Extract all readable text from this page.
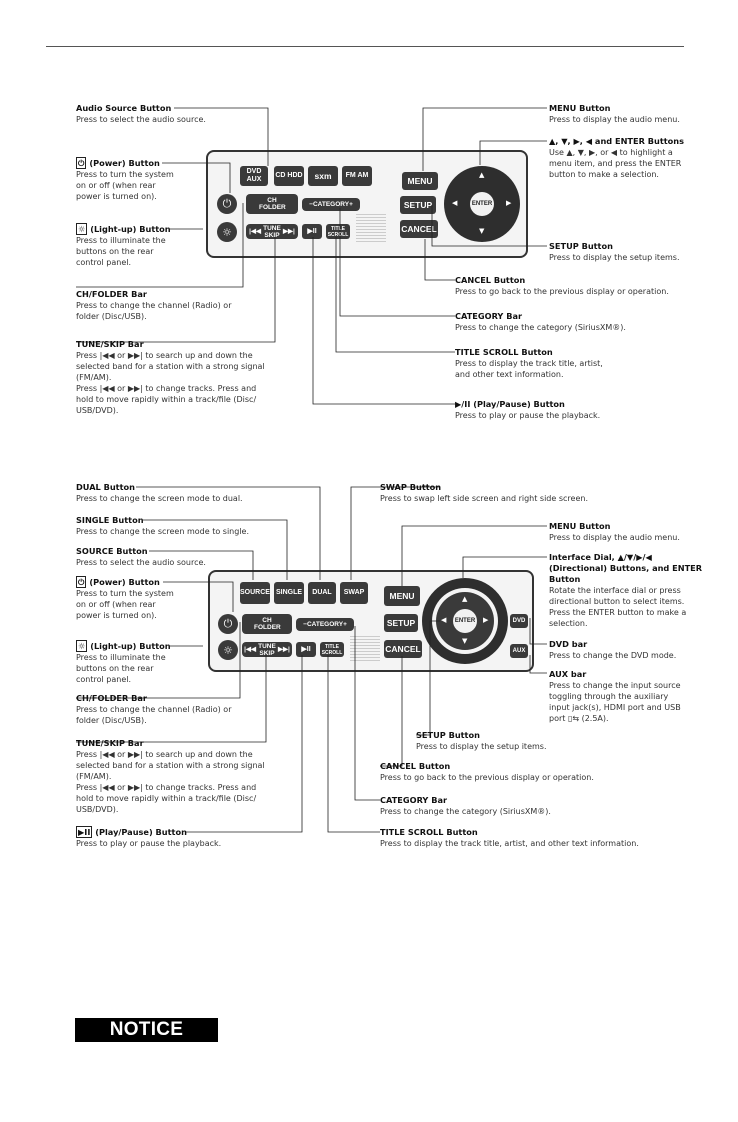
DVD AUX
CD HDD	sxm	FM AM
⏻
☼
CH FOLDER	− CATEGORY +
|◀◀ TUNE SKIP ▶▶|	▶II	TITLE SCROLL
MENU
SETUP
CANCEL
ENTER
▲
▼
◀	▶
SOURCE SINGLE	DUAL	SWAP
⏻
☼
CH FOLDER	− CATEGORY +
|◀◀ TUNE SKIP ▶▶|	▶II	TITLE SCROLL
MENU
SETUP
CANCEL
ENTER
▲
▼
◀	▶	DVD
AUX
Audio Source Button
Press to select the audio source.
⏻ (Power) Button
Press to turn the system
on or off (when rear
power is turned on).
☼ (Light-up) Button
Press to illuminate the
buttons on the rear
control panel.
CH/FOLDER Bar
Press to change the channel (Radio) or
folder (Disc/USB).
TUNE/SKIP Bar
Press |◀◀ or ▶▶| to search up and down the
selected band for a station with a strong signal
(FM/AM).
Press |◀◀ or ▶▶| to change tracks. Press and
hold to move rapidly within a track/file (Disc/
USB/DVD).
MENU Button
Press to display the audio menu.
▲, ▼, ▶, ◀ and ENTER Buttons
Use ▲, ▼, ▶, or ◀ to highlight a
menu item, and press the ENTER
button to make a selection.
SETUP Button
Press to display the setup items.
CANCEL Button
Press to go back to the previous display or operation.
CATEGORY Bar
Press to change the category (SiriusXM®).
TITLE SCROLL Button
Press to display the track title, artist,
and other text information.
▶/II (Play/Pause) Button
Press to play or pause the playback.
DUAL Button
Press to change the screen mode to dual.
SINGLE Button
Press to change the screen mode to single.
SOURCE Button
Press to select the audio source.
⏻ (Power) Button
Press to turn the system
on or off (when rear
power is turned on).
☼ (Light-up) Button
Press to illuminate the
buttons on the rear
control panel.
CH/FOLDER Bar
Press to change the channel (Radio) or
folder (Disc/USB).
TUNE/SKIP Bar
Press |◀◀ or ▶▶| to search up and down the
selected band for a station with a strong signal
(FM/AM).
Press |◀◀ or ▶▶| to change tracks. Press and
hold to move rapidly within a track/file (Disc/
USB/DVD).
▶II (Play/Pause) Button
Press to play or pause the playback.
SWAP Button
Press to swap left side screen and right side screen.
MENU Button
Press to display the audio menu.
Interface Dial, ▲/▼/▶/◀
(Directional) Buttons, and ENTER
Button
Rotate the interface dial or press
directional button to select items.
Press the ENTER button to make a
selection.
DVD bar
Press to change the DVD mode.
AUX bar
Press to change the input source
toggling through the auxiliary
input jack(s), HDMI port and USB
port ▯⇆ (2.5A).
SETUP Button
Press to display the setup items.
CANCEL Button
Press to go back to the previous display or operation.
CATEGORY Bar
Press to change the category (SiriusXM®).
TITLE SCROLL Button
Press to display the track title, artist, and other text information.
NOTICE
